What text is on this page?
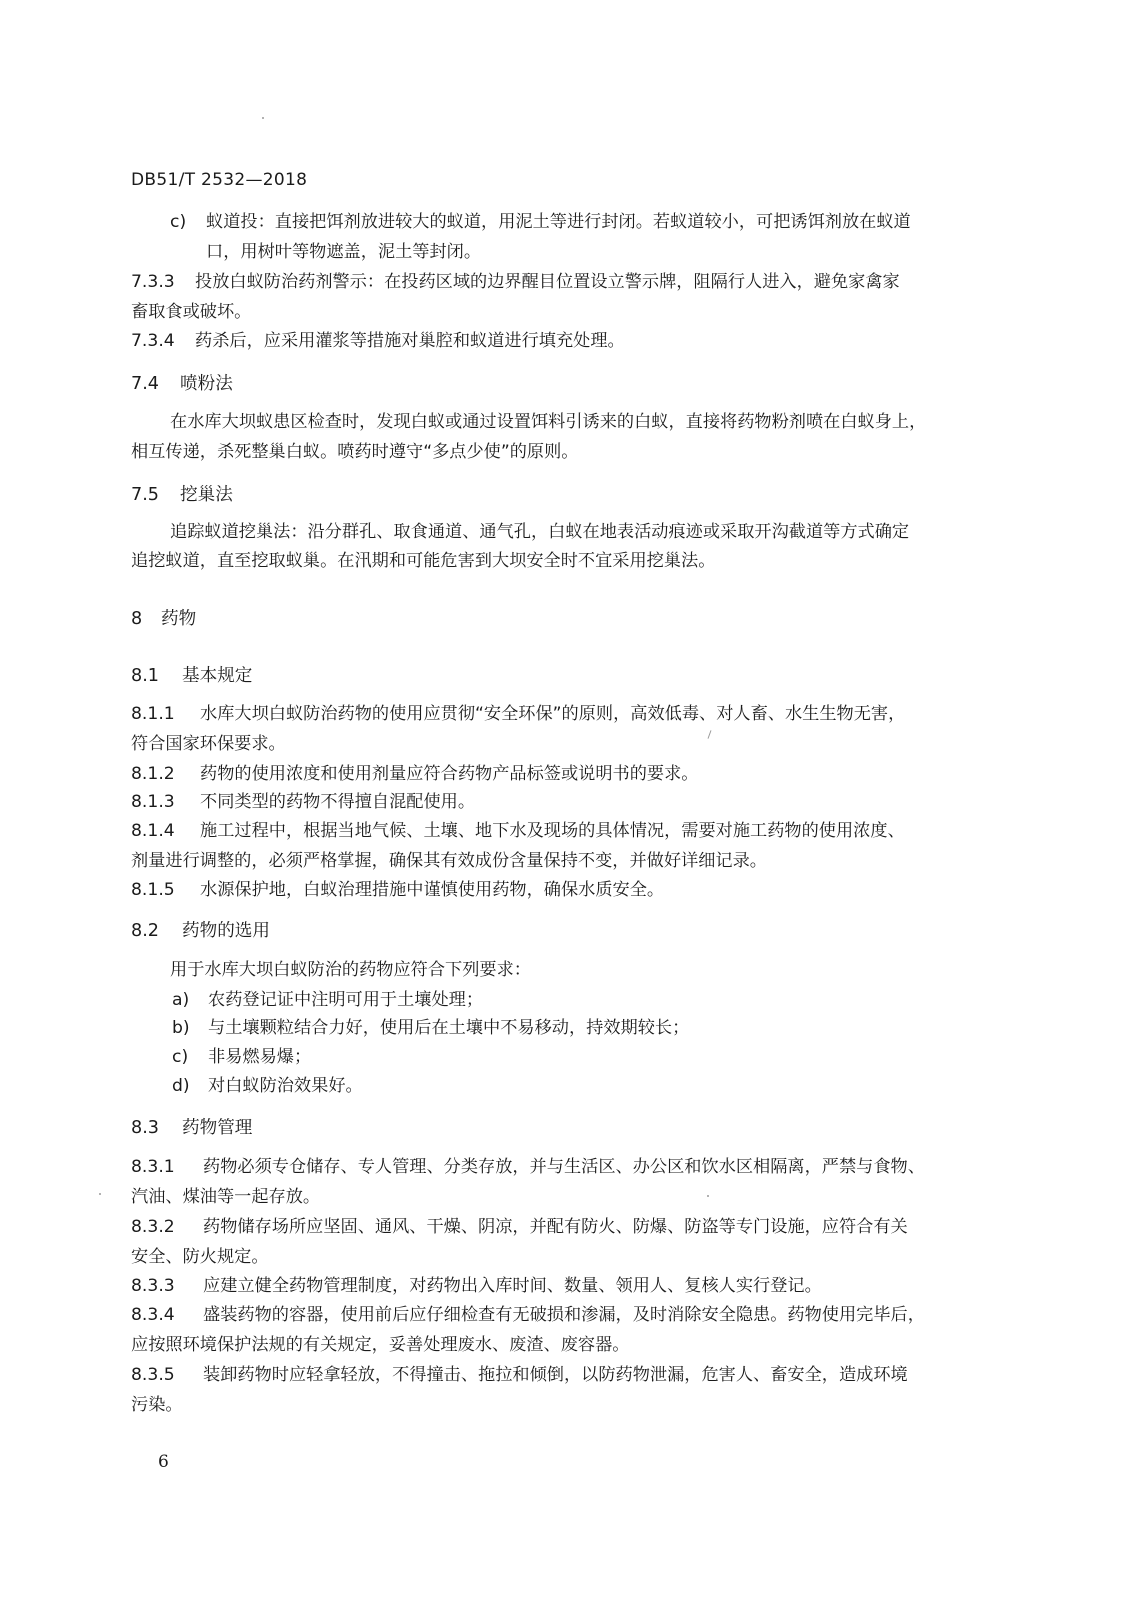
DB51/T 2532—2018
c) 蚁道投：直接把饵剂放进较大的蚁道，用泥土等进行封闭。若蚁道较小，可把诱饵剂放在蚁道
口，用树叶等物遮盖，泥土等封闭。
7.3.3 投放白蚁防治药剂警示：在投药区域的边界醒目位置设立警示牌，阻隔行人进入，避免家禽家
畜取食或破坏。
7.3.4 药杀后，应采用灌浆等措施对巢腔和蚁道进行填充处理。
7.4 喷粉法
在水库大坝蚁患区检查时，发现白蚁或通过设置饵料引诱来的白蚁，直接将药物粉剂喷在白蚁身上，
相互传递，杀死整巢白蚁。喷药时遵守“多点少使”的原则。
7.5 挖巢法
追踪蚁道挖巢法：沿分群孔、取食通道、通气孔，白蚁在地表活动痕迹或采取开沟截道等方式确定
追挖蚁道，直至挖取蚁巢。在汛期和可能危害到大坝安全时不宜采用挖巢法。
8 药物
8.1 基本规定
8.1.1 水库大坝白蚁防治药物的使用应贯彻“安全环保”的原则，高效低毒、对人畜、水生生物无害，
符合国家环保要求。
8.1.2 药物的使用浓度和使用剂量应符合药物产品标签或说明书的要求。
8.1.3 不同类型的药物不得擅自混配使用。
8.1.4 施工过程中，根据当地气候、土壤、地下水及现场的具体情况，需要对施工药物的使用浓度、
剂量进行调整的，必须严格掌握，确保其有效成份含量保持不变，并做好详细记录。
8.1.5 水源保护地，白蚁治理措施中谨慎使用药物，确保水质安全。
8.2 药物的选用
用于水库大坝白蚁防治的药物应符合下列要求：
a) 农药登记证中注明可用于土壤处理；
b) 与土壤颗粒结合力好，使用后在土壤中不易移动，持效期较长；
c) 非易燃易爆；
d) 对白蚁防治效果好。
8.3 药物管理
8.3.1 药物必须专仓储存、专人管理、分类存放，并与生活区、办公区和饮水区相隔离，严禁与食物、
汽油、煤油等一起存放。
8.3.2 药物储存场所应坚固、通风、干燥、阴凉，并配有防火、防爆、防盗等专门设施，应符合有关
安全、防火规定。
8.3.3 应建立健全药物管理制度，对药物出入库时间、数量、领用人、复核人实行登记。
8.3.4 盛装药物的容器，使用前后应仔细检查有无破损和渗漏，及时消除安全隐患。药物使用完毕后，
应按照环境保护法规的有关规定，妥善处理废水、废渣、废容器。
8.3.5 装卸药物时应轻拿轻放，不得撞击、拖拉和倾倒，以防药物泄漏，危害人、畜安全，造成环境
污染。
6
